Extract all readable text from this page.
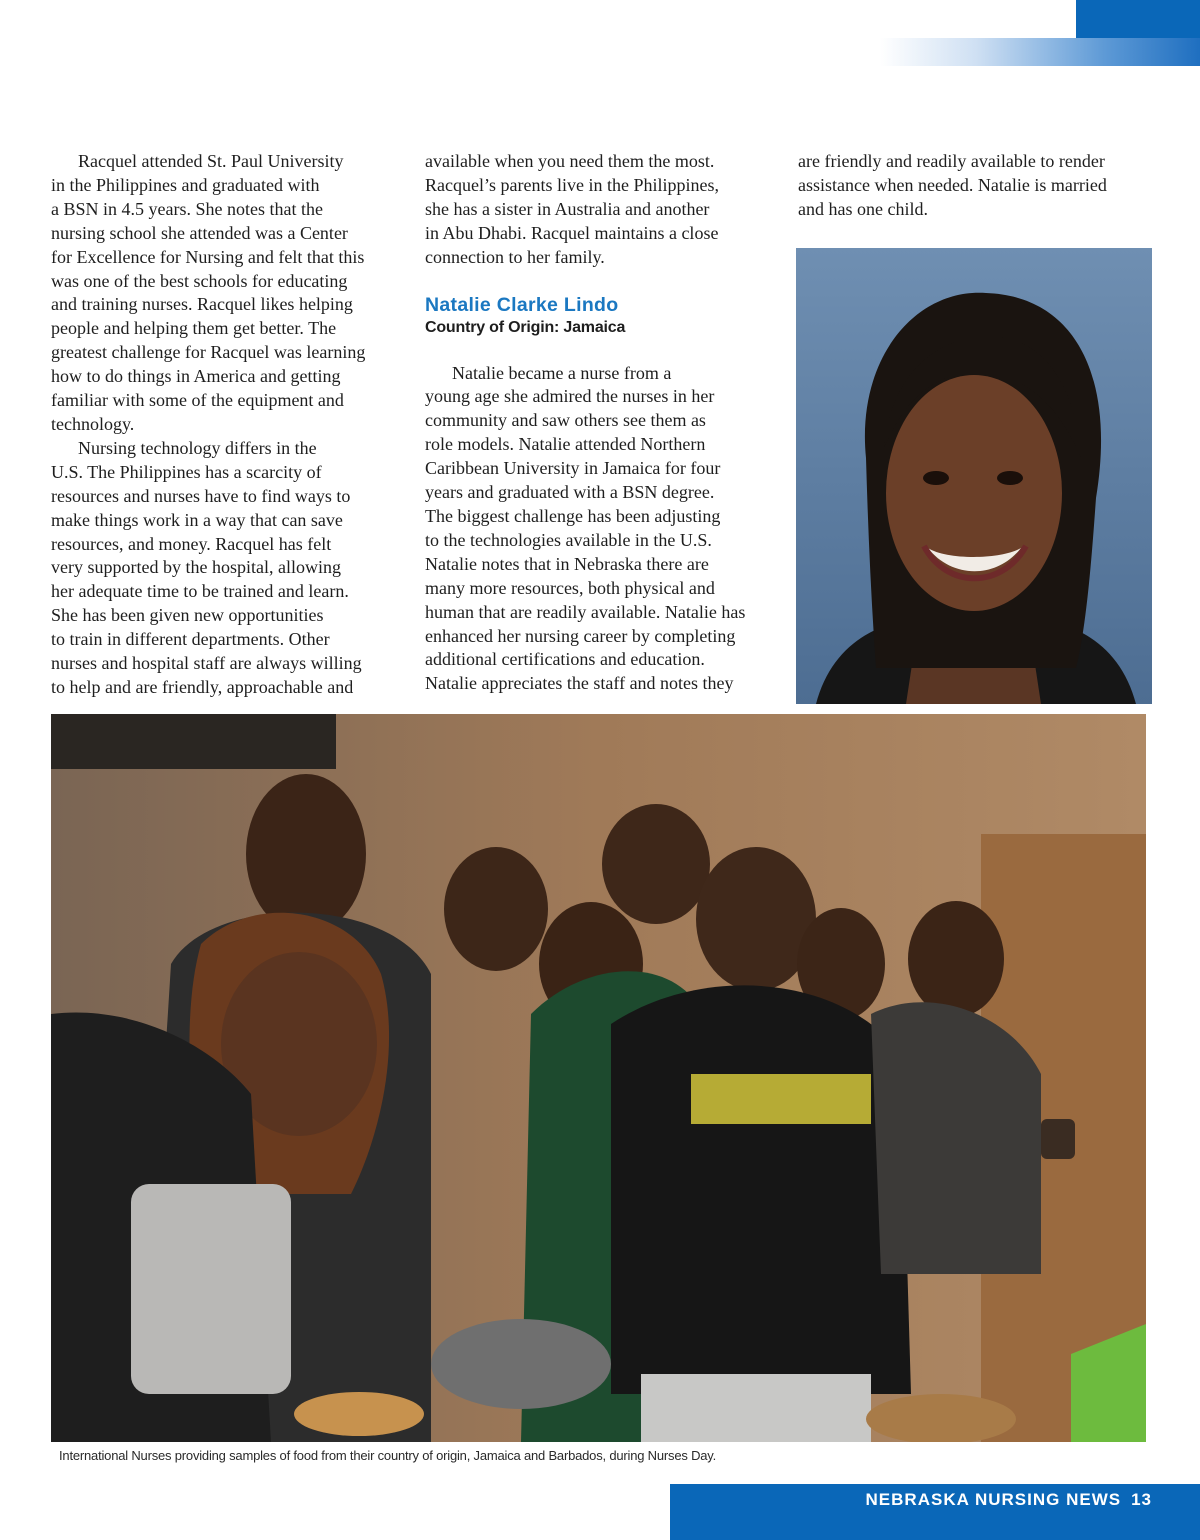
Racquel attended St. Paul University
in the Philippines and graduated with
a BSN in 4.5 years. She notes that the
nursing school she attended was a Center
for Excellence for Nursing and felt that this
was one of the best schools for educating
and training nurses. Racquel likes helping
people and helping them get better. The
greatest challenge for Racquel was learning
how to do things in America and getting
familiar with some of the equipment and
technology.

Nursing technology differs in the
U.S. The Philippines has a scarcity of
resources and nurses have to find ways to
make things work in a way that can save
resources, and money. Racquel has felt
very supported by the hospital, allowing
her adequate time to be trained and learn.
She has been given new opportunities
to train in different departments. Other
nurses and hospital staff are always willing
to help and are friendly, approachable and

available when you need them the most.
Racquel’s parents live in the Philippines,
she has a sister in Australia and another
in Abu Dhabi. Racquel maintains a close
connection to her family.

Natalie Clarke Lindo
Country of Origin: Jamaica

Natalie became a nurse from a
young age she admired the nurses in her
community and saw others see them as
role models. Natalie attended Northern
Caribbean University in Jamaica for four
years and graduated with a BSN degree.
The biggest challenge has been adjusting
to the technologies available in the U.S.
Natalie notes that in Nebraska there are
many more resources, both physical and
human that are readily available. Natalie has
enhanced her nursing career by completing
additional certifications and education.
Natalie appreciates the staff and notes they

are friendly and readily available to render
assistance when needed. Natalie is married
and has one child.

International Nurses providing samples of food from their country of origin, Jamaica and Barbados, during Nurses Day.
NEBRASKA NURSING NEWS 13
